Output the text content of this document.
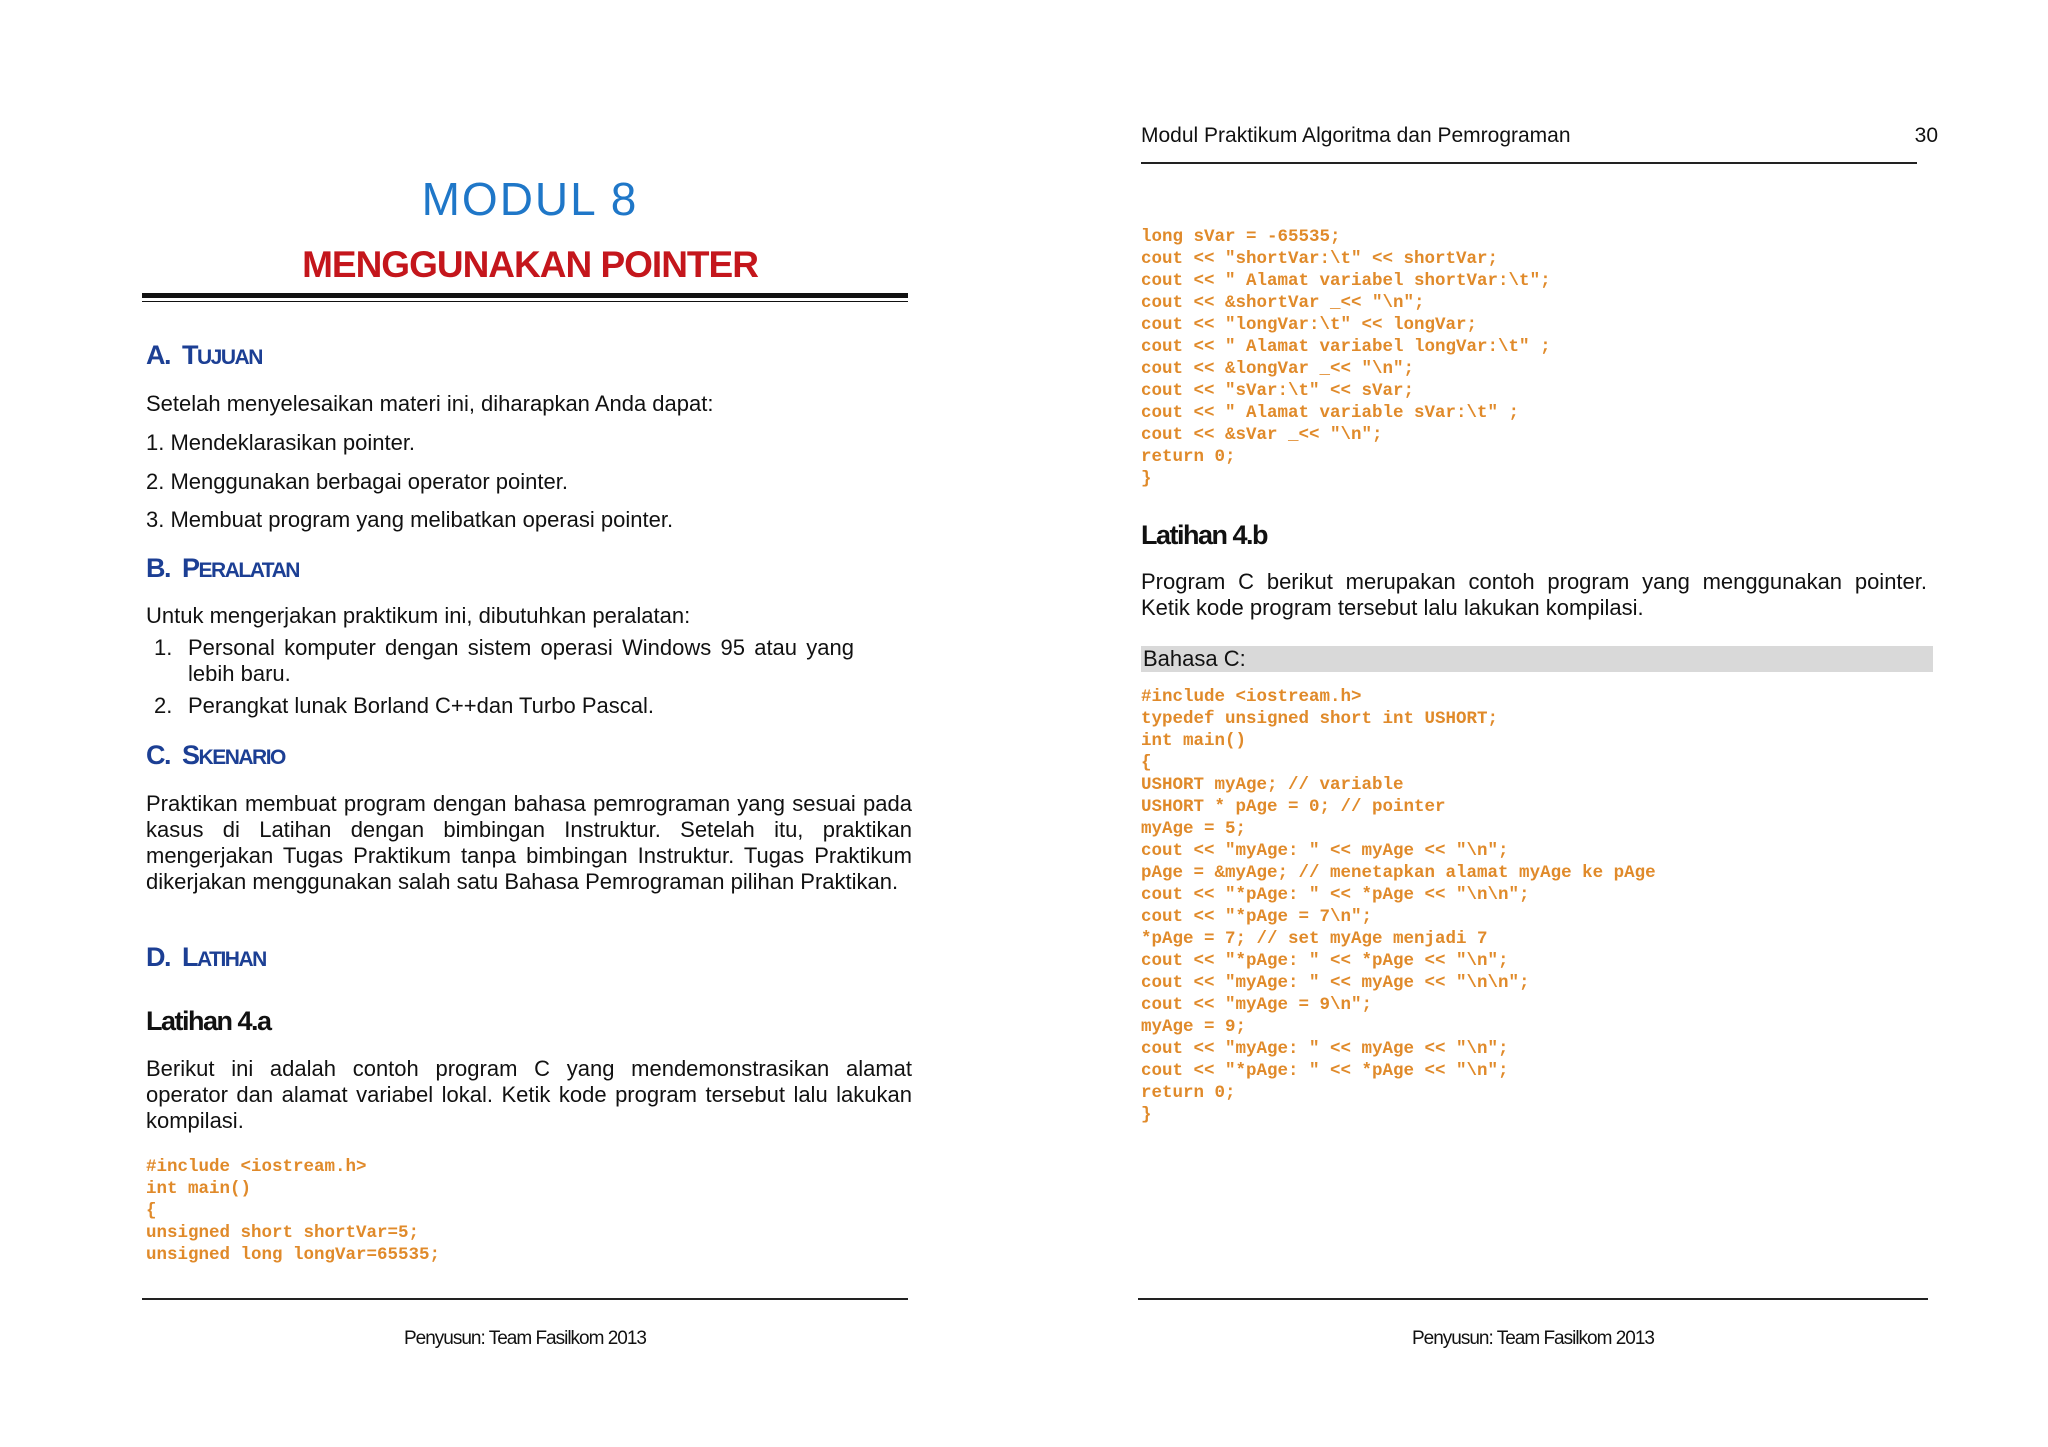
MODUL 8
MENGGUNAKAN POINTER
A. TUJUAN

Setelah menyelesaikan materi ini, diharapkan Anda dapat:

1. Mendeklarasikan pointer.

2. Menggunakan berbagai operator pointer.

3. Membuat program yang melibatkan operasi pointer.

B. PERALATAN

Untuk mengerjakan praktikum ini, dibutuhkan peralatan:

1. Personal komputer dengan sistem operasi Windows 95 atau yang lebih baru.
2. Perangkat lunak Borland C++dan Turbo Pascal.
C. SKENARIO

Praktikan membuat program dengan bahasa pemrograman yang sesuai pada kasus di Latihan dengan bimbingan Instruktur. Setelah itu, praktikan mengerjakan Tugas Praktikum tanpa bimbingan Instruktur. Tugas Praktikum dikerjakan menggunakan salah satu Bahasa Pemrograman pilihan Praktikan.

D. LATIHAN
Latihan 4.a

Berikut ini adalah contoh program C yang mendemonstrasikan alamat operator dan alamat variabel lokal. Ketik kode program tersebut lalu lakukan kompilasi.

#include <iostream.h>
int main()
{
unsigned short shortVar=5;
unsigned long longVar=65535;
Penyusun: Team Fasilkom 2013
Modul Praktikum Algoritma dan Pemrograman	30
long sVar = -65535;
cout << "shortVar:\t" << shortVar;
cout << " Alamat variabel shortVar:\t";
cout << &shortVar _<< "\n";
cout << "longVar:\t" << longVar;
cout << " Alamat variabel longVar:\t" ;
cout << &longVar _<< "\n";
cout << "sVar:\t" << sVar;
cout << " Alamat variable sVar:\t" ;
cout << &sVar _<< "\n";
return 0;
}
Latihan 4.b

Program C berikut merupakan contoh program yang menggunakan pointer. Ketik kode program tersebut lalu lakukan kompilasi.

Bahasa C:
#include <iostream.h>
typedef unsigned short int USHORT;
int main()
{
USHORT myAge; // variable
USHORT * pAge = 0; // pointer
myAge = 5;
cout << "myAge: " << myAge << "\n";
pAge = &myAge; // menetapkan alamat myAge ke pAge
cout << "*pAge: " << *pAge << "\n\n";
cout << "*pAge = 7\n";
*pAge = 7; // set myAge menjadi 7
cout << "*pAge: " << *pAge << "\n";
cout << "myAge: " << myAge << "\n\n";
cout << "myAge = 9\n";
myAge = 9;
cout << "myAge: " << myAge << "\n";
cout << "*pAge: " << *pAge << "\n";
return 0;
}
Penyusun: Team Fasilkom 2013
